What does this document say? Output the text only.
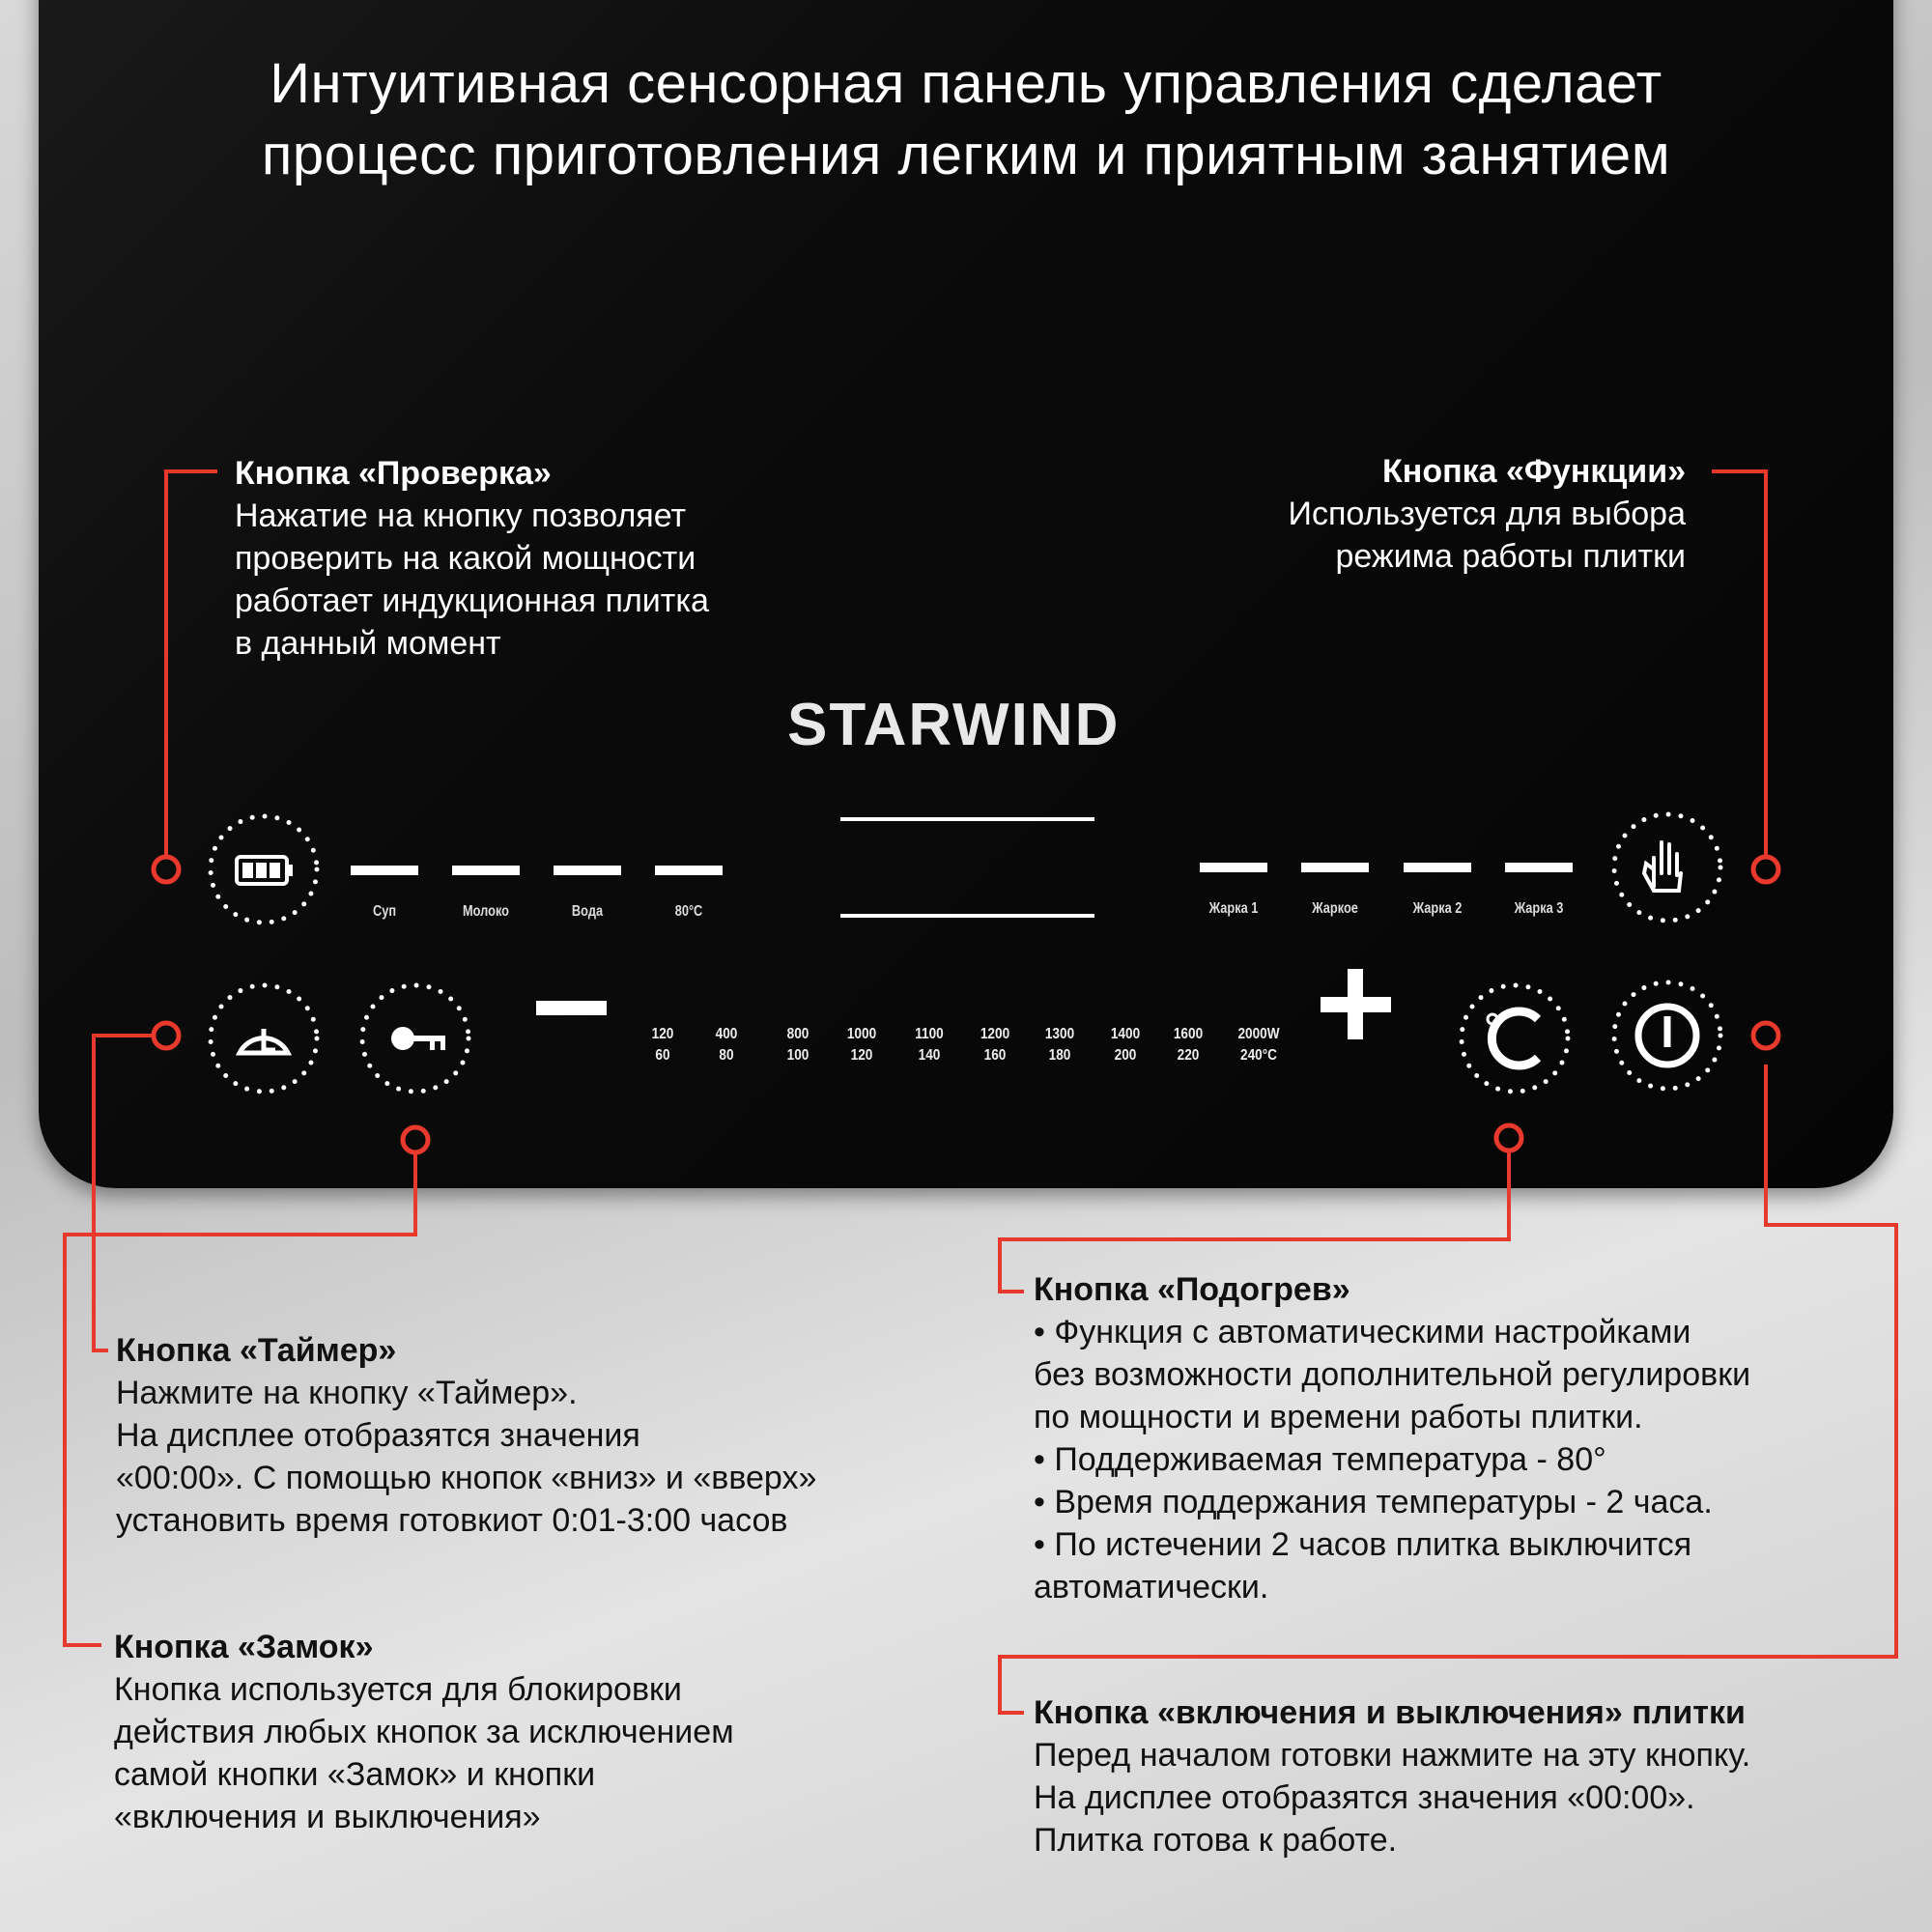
Интуитивная сенсорная панель управления сделает
процесс приготовления легким и приятным занятием
STARWIND
Суп	Молоко	Вода	80°C	Жарка 1	Жаркое	Жарка 2	Жарка 3
120
60
400
80
800
100
1000
120
1100
140
1200
160
1300
180
1400
200
1600
220
2000W
240°C
Кнопка «Проверка»
Нажатие на кнопку позволяет
проверить на какой мощности
работает индукционная плитка
в данный момент
Кнопка «Функции»
Используется для выбора
режима работы плитки
Кнопка «Таймер»
Нажмите на кнопку «Таймер».
На дисплее отобразятся значения
«00:00». С помощью кнопок «вниз» и «вверх»
установить время готовкиот 0:01-3:00 часов
Кнопка «Замок»
Кнопка используется для блокировки
действия любых кнопок за исключением
самой кнопки «Замок» и кнопки
«включения и выключения»
Кнопка «Подогрев»
• Функция с автоматическими настройками
без возможности дополнительной регулировки
по мощности и времени работы плитки.
• Поддерживаемая температура - 80°
• Время поддержания температуры - 2 часа.
• По истечении 2 часов плитка выключится
автоматически.
Кнопка «включения и выключения» плитки
Перед началом готовки нажмите на эту кнопку.
На дисплее отобразятся значения «00:00».
Плитка готова к работе.
